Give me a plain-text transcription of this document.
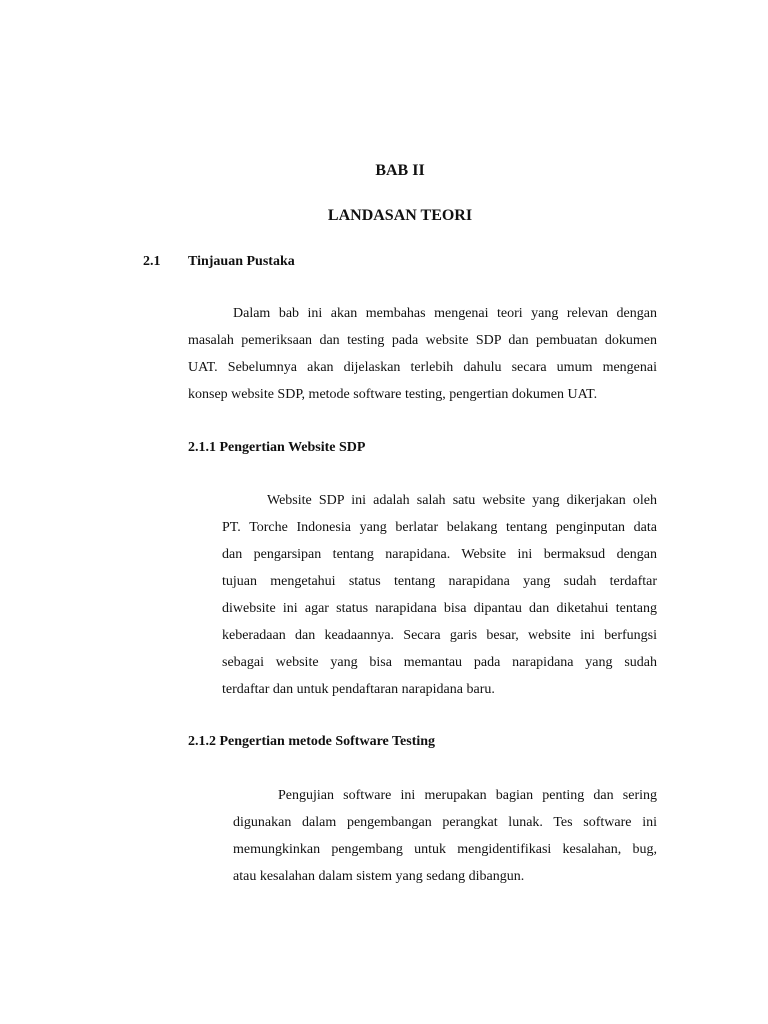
BAB II
LANDASAN TEORI
2.1 Tinjauan Pustaka
Dalam bab ini akan membahas mengenai teori yang relevan dengan
masalah pemeriksaan dan testing pada website SDP dan pembuatan dokumen
UAT. Sebelumnya akan dijelaskan terlebih dahulu secara umum mengenai
konsep website SDP, metode software testing, pengertian dokumen UAT.
2.1.1 Pengertian Website SDP
Website SDP ini adalah salah satu website yang dikerjakan oleh
PT. Torche Indonesia yang berlatar belakang tentang penginputan data
dan pengarsipan tentang narapidana. Website ini bermaksud dengan
tujuan mengetahui status tentang narapidana yang sudah terdaftar
diwebsite ini agar status narapidana bisa dipantau dan diketahui tentang
keberadaan dan keadaannya. Secara garis besar, website ini berfungsi
sebagai website yang bisa memantau pada narapidana yang sudah
terdaftar dan untuk pendaftaran narapidana baru.
2.1.2 Pengertian metode Software Testing
Pengujian software ini merupakan bagian penting dan sering
digunakan dalam pengembangan perangkat lunak. Tes software ini
memungkinkan pengembang untuk mengidentifikasi kesalahan, bug,
atau kesalahan dalam sistem yang sedang dibangun.
